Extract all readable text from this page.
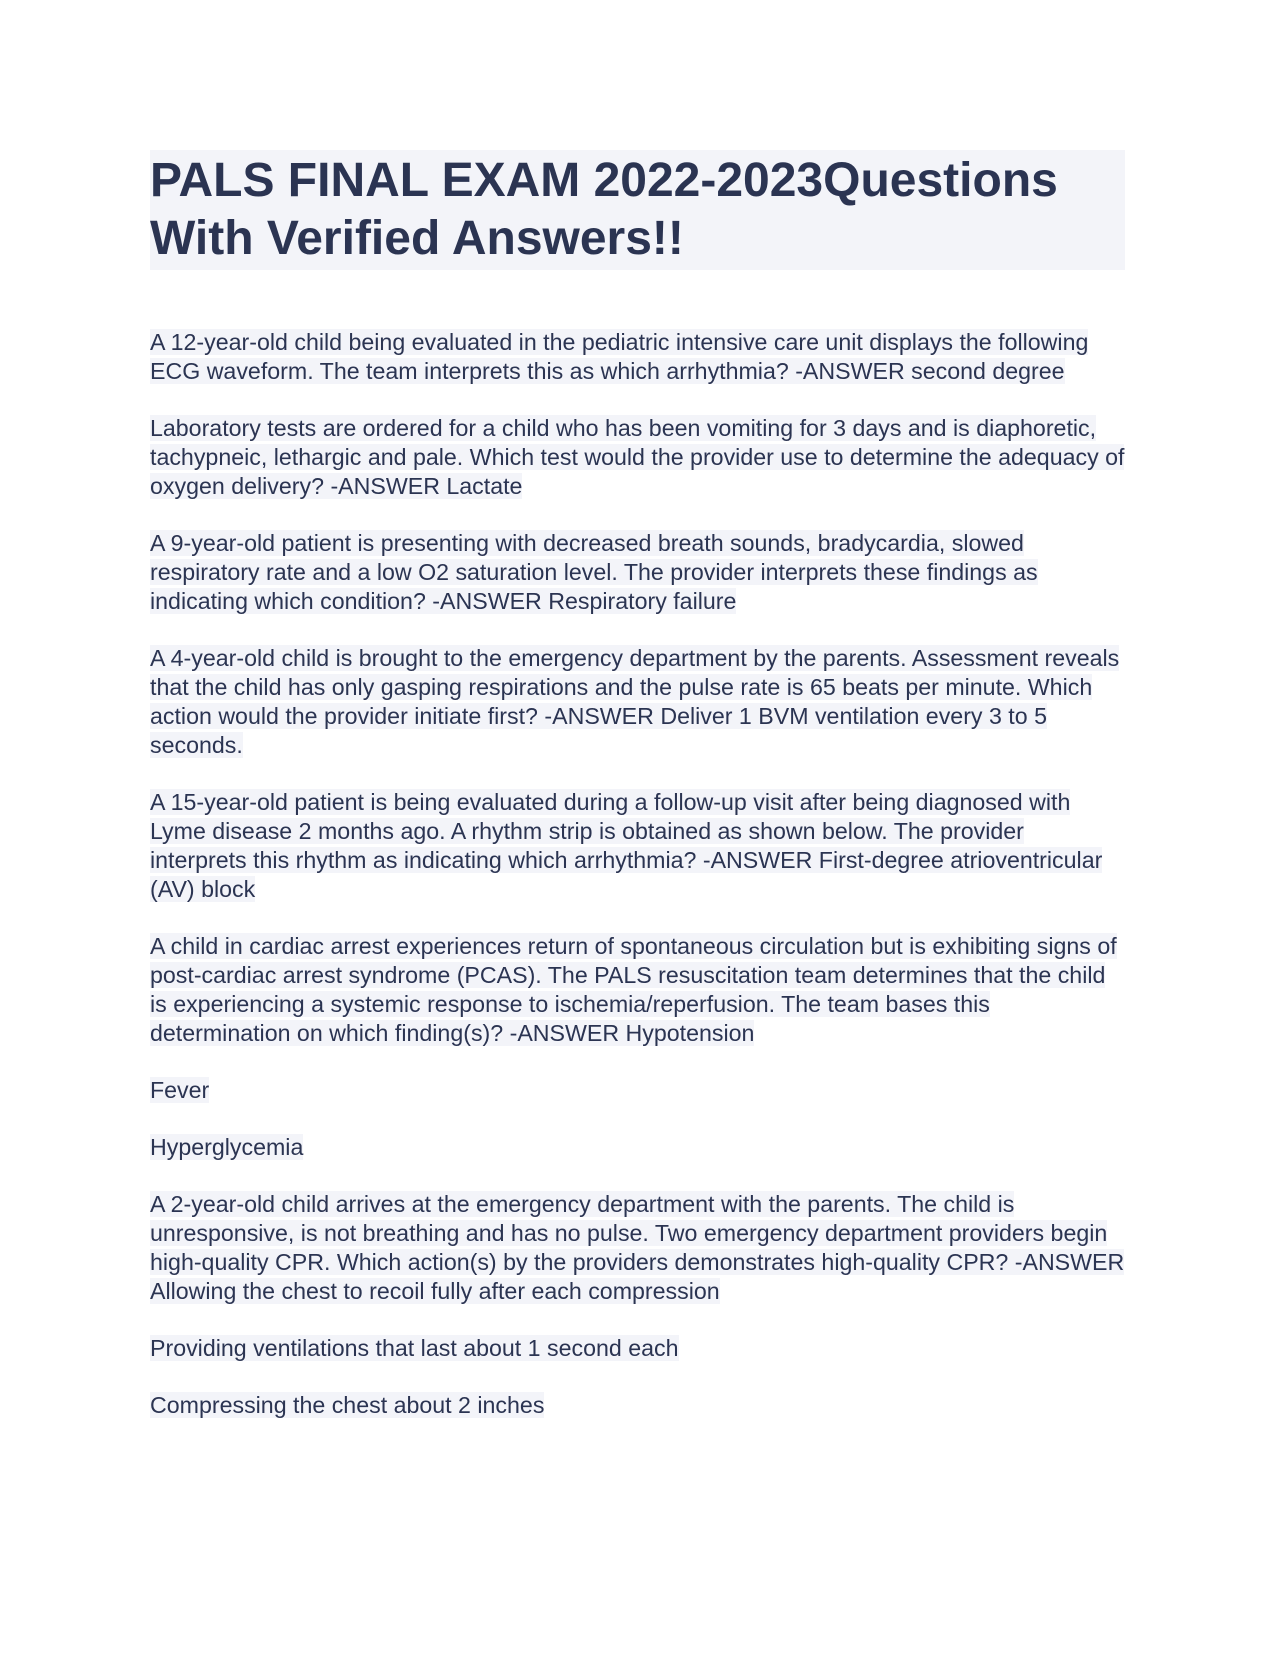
PALS FINAL EXAM 2022-2023Questions With Verified Answers!!

A 12-year-old child being evaluated in the pediatric intensive care unit displays the following ECG waveform. The team interprets this as which arrhythmia? -ANSWER second degree

Laboratory tests are ordered for a child who has been vomiting for 3 days and is diaphoretic, tachypneic, lethargic and pale. Which test would the provider use to determine the adequacy of oxygen delivery? -ANSWER Lactate

A 9-year-old patient is presenting with decreased breath sounds, bradycardia, slowed respiratory rate and a low O2 saturation level. The provider interprets these findings as indicating which condition? -ANSWER Respiratory failure

A 4-year-old child is brought to the emergency department by the parents. Assessment reveals that the child has only gasping respirations and the pulse rate is 65 beats per minute. Which action would the provider initiate first? -ANSWER Deliver 1 BVM ventilation every 3 to 5 seconds.

A 15-year-old patient is being evaluated during a follow-up visit after being diagnosed with Lyme disease 2 months ago. A rhythm strip is obtained as shown below. The provider interprets this rhythm as indicating which arrhythmia? -ANSWER First-degree atrioventricular (AV) block

A child in cardiac arrest experiences return of spontaneous circulation but is exhibiting signs of post-cardiac arrest syndrome (PCAS). The PALS resuscitation team determines that the child is experiencing a systemic response to ischemia/reperfusion. The team bases this determination on which finding(s)? -ANSWER Hypotension

Fever

Hyperglycemia

A 2-year-old child arrives at the emergency department with the parents. The child is unresponsive, is not breathing and has no pulse. Two emergency department providers begin high-quality CPR. Which action(s) by the providers demonstrates high-quality CPR? -ANSWER Allowing the chest to recoil fully after each compression

Providing ventilations that last about 1 second each

Compressing the chest about 2 inches
